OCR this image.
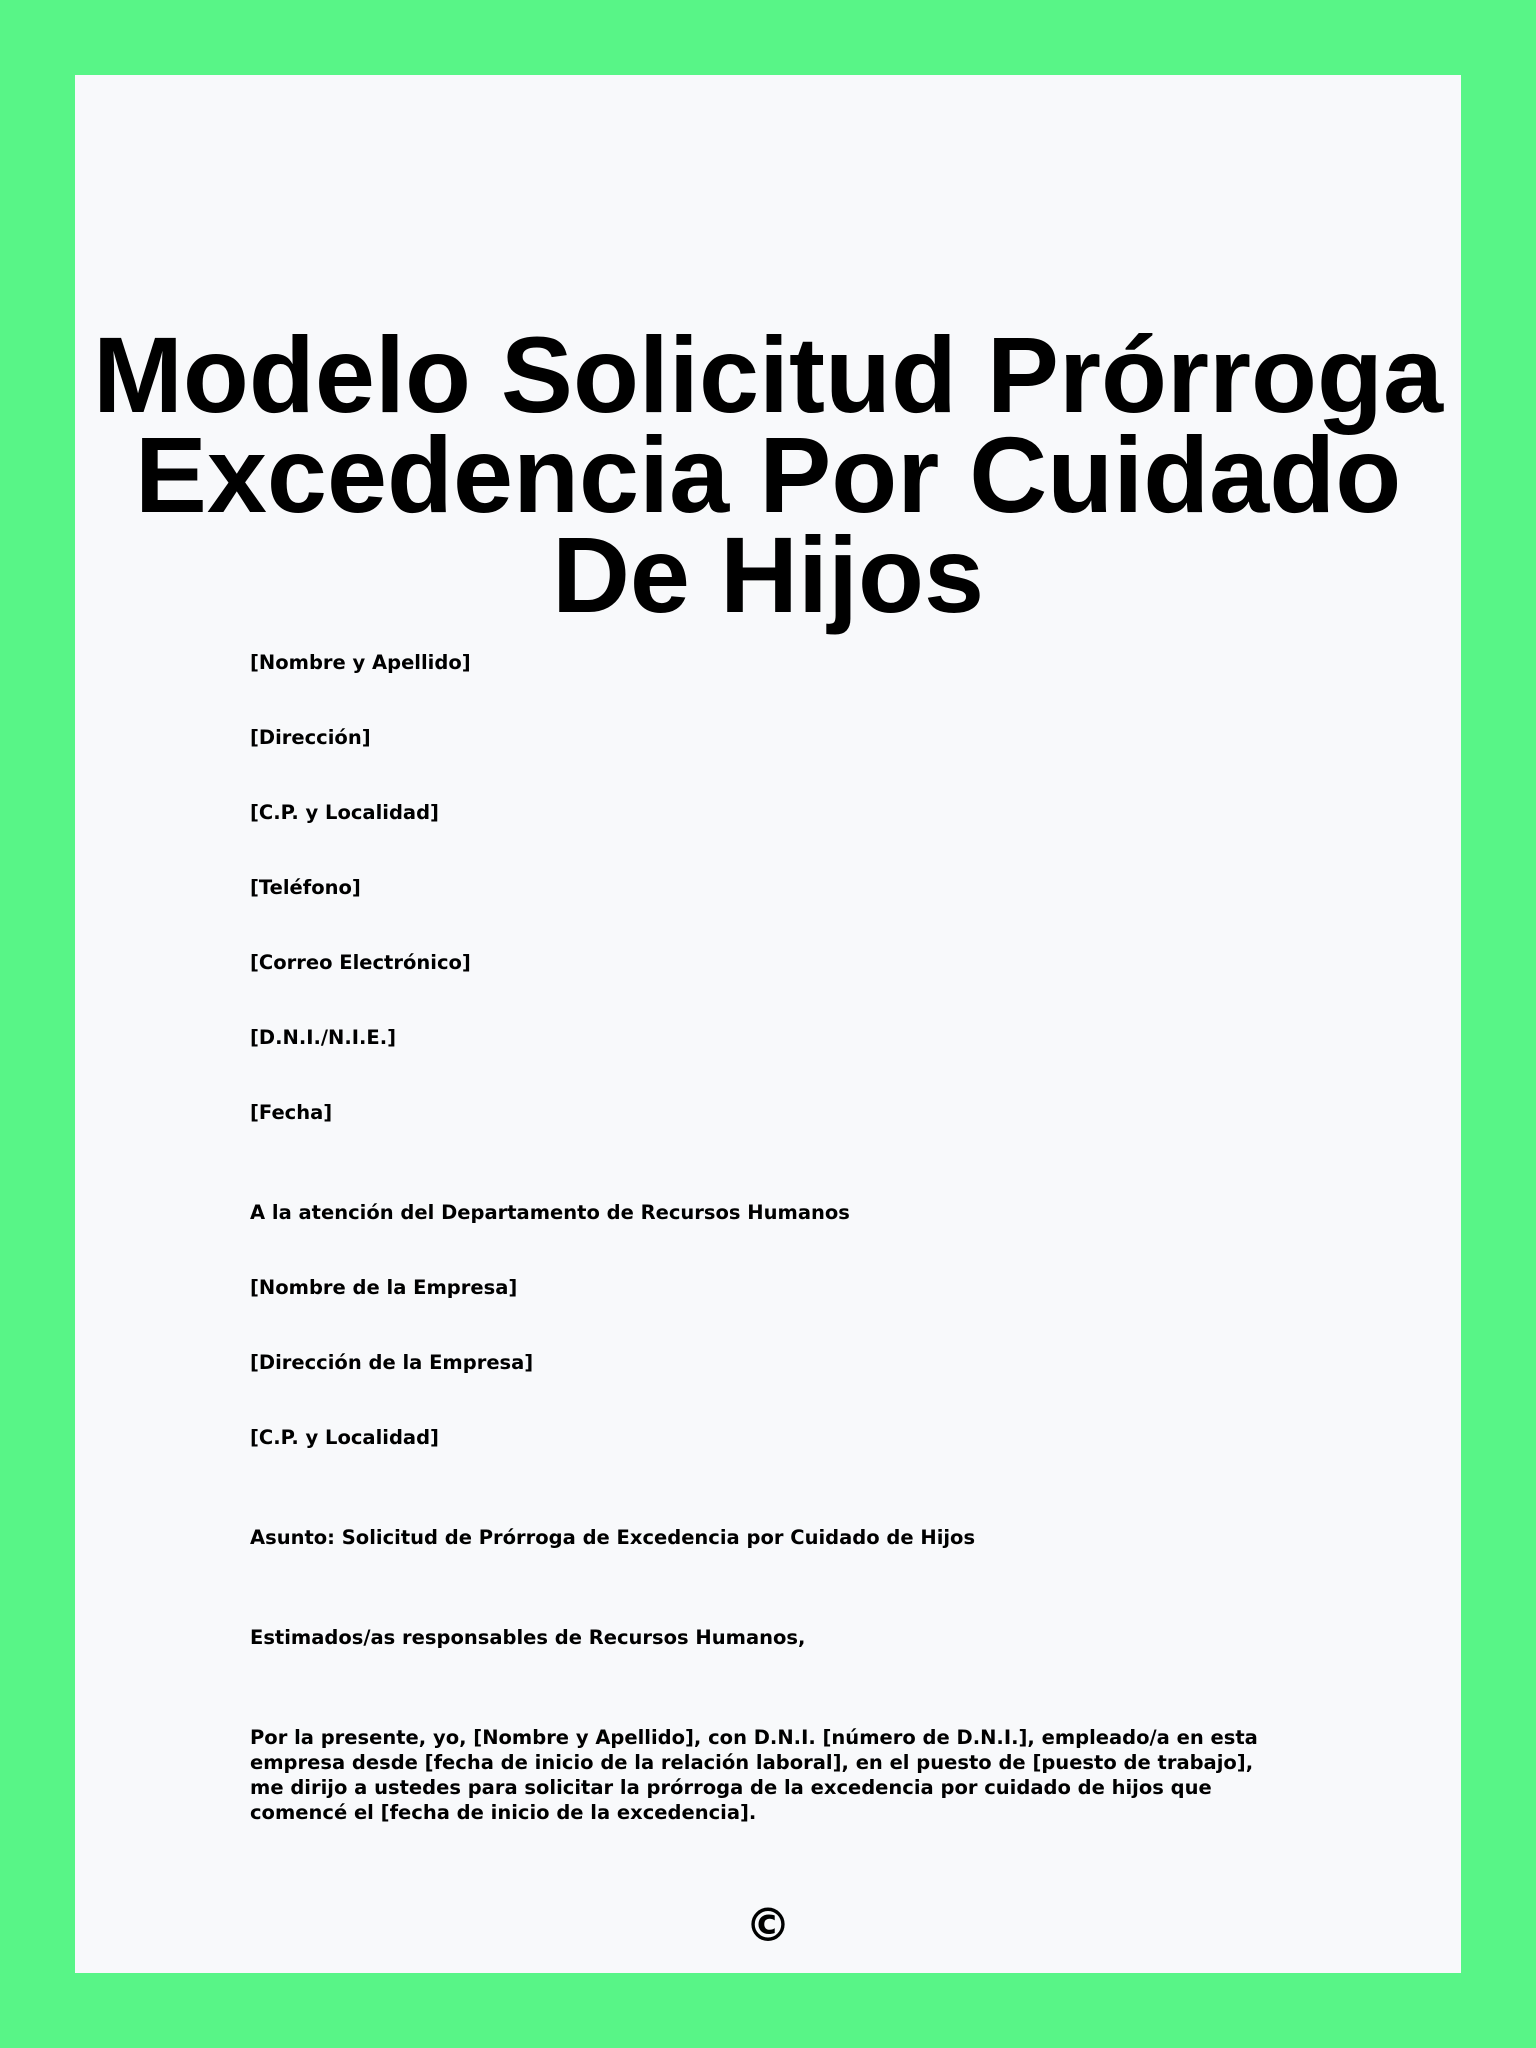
Modelo Solicitud Prórroga Excedencia Por Cuidado De Hijos

[Nombre y Apellido]

[Dirección]

[C.P. y Localidad]

[Teléfono]

[Correo Electrónico]

[D.N.I./N.I.E.]

[Fecha]

A la atención del Departamento de Recursos Humanos

[Nombre de la Empresa]

[Dirección de la Empresa]

[C.P. y Localidad]

Asunto: Solicitud de Prórroga de Excedencia por Cuidado de Hijos

Estimados/as responsables de Recursos Humanos,

Por la presente, yo, [Nombre y Apellido], con D.N.I. [número de D.N.I.], empleado/a en esta empresa desde [fecha de inicio de la relación laboral], en el puesto de [puesto de trabajo], me dirijo a ustedes para solicitar la prórroga de la excedencia por cuidado de hijos que comencé el [fecha de inicio de la excedencia].

©
